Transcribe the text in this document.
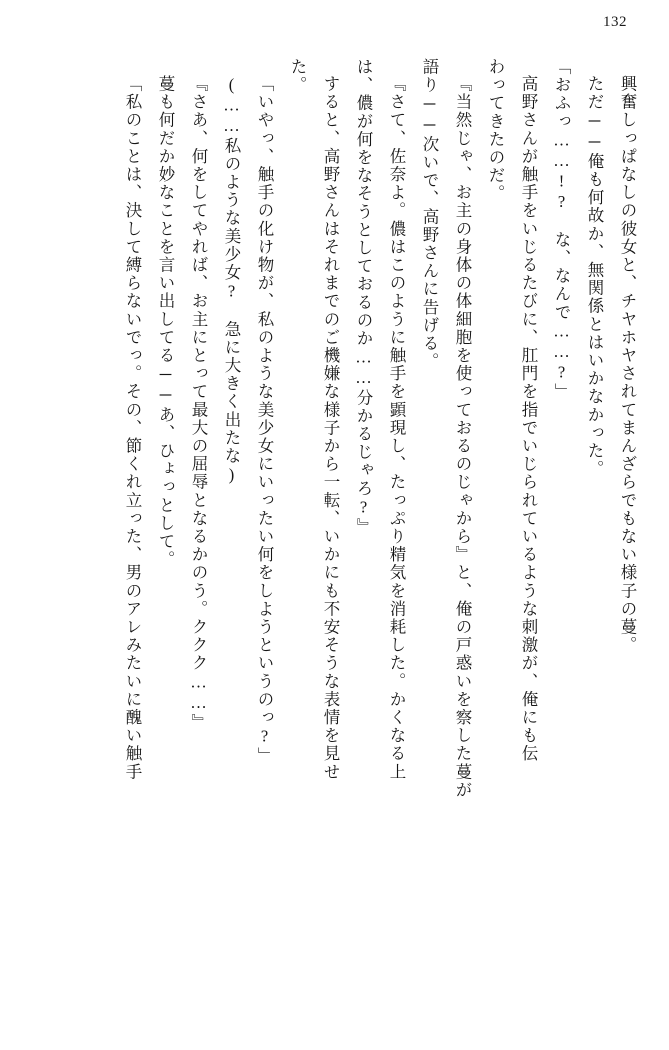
132
興奮しっぱなしの彼女と、チヤホヤされてまんざらでもない様子の蔓。
ただ──俺も何故か、無関係とはいかなかった。
「おふっ……!?　な、なんで……?」
高野さんが触手をいじるたびに、肛門を指でいじられているような刺激が、俺にも伝
わってきたのだ。
『当然じゃ、お主の身体の体細胞を使っておるのじゃから』と、俺の戸惑いを察した蔓が
語り──次いで、高野さんに告げる。
『さて、佐奈よ。儂はこのように触手を顕現し、たっぷり精気を消耗した。かくなる上
は、儂が何をなそうとしておるのか……分かるじゃろ?』
すると、高野さんはそれまでのご機嫌な様子から一転、いかにも不安そうな表情を見せ
た。
「いやっ、触手の化け物が、私のような美少女にいったい何をしようというのっ?」
(……私のような美少女?　急に大きく出たな)
『さあ、何をしてやれば、お主にとって最大の屈辱となるかのう。ククク……』
蔓も何だか妙なことを言い出してる──あ、ひょっとして。
「私のことは、決して縛らないでっ。その、節くれ立った、男のアレみたいに醜い触手
